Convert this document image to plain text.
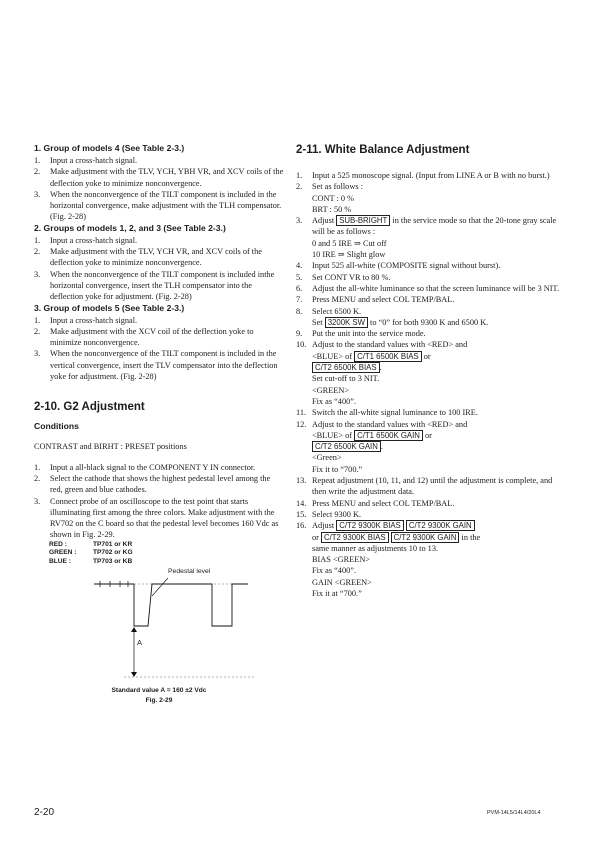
1. Group of models 4 (See Table 2-3.)
1. Input a cross-hatch signal.
2. Make adjustment with the TLV, YCH, YBH VR, and XCV coils of the deflection yoke to minimize nonconvergence.
3. When the nonconvergence of the TILT component is included in the horizontal convergence, make adjustment with the TLH compensator. (Fig. 2-28)
2. Groups of models 1, 2, and 3 (See Table 2-3.)
1. Input a cross-hatch signal.
2. Make adjustment with the TLV, YCH VR, and XCV coils of the deflection yoke to minimize nonconvergence.
3. When the nonconvergence of the TILT component is included inthe horizontal convergence, insert the TLH compensator into the deflection yoke for adjustment. (Fig. 2-28)
3. Group of models 5 (See Table 2-3.)
1. Input a cross-hatch signal.
2. Make adjustment with the XCV coil of the deflection yoke to minimize nonconvergence.
3. When the nonconvergence of the TILT component is included in the vertical convergence, insert the TLV compensator into the deflection yoke for adjustment. (Fig. 2-28)
2-10. G2 Adjustment
Conditions
CONTRAST and BIRHT : PRESET positions
1. Input a all-black signal to the COMPONENT Y IN connector.
2. Select the cathode that shows the highest pedestal level among the red, green and blue cathodes.
3. Connect probe of an oscilloscope to the test point that starts illuminating first among the three colors. Make adjustment with the RV702 on the C board so that the pedestal level becomes 160 Vdc as shown in Fig. 2-29.
RED :	TP701 or KR
GREEN :	TP702 or KG
BLUE :	TP703 or KB
Pedestal level
A
Standard value A = 160 ±2 Vdc
Fig. 2-29
2-11. White Balance Adjustment
1. Input a 525 monoscope signal. (Input from LINE A or B with no burst.)
2. Set as follows :
CONT : 0 %
BRT : 50 %
3. Adjust SUB-BRIGHT in the service mode so that the 20-tone gray scale will be as follows :
0 and 5 IRE ⇒ Cut off
10 IRE ⇒ Slight glow
4. Input 525 all-white (COMPOSITE signal without burst).
5. Set CONT VR to 80 %.
6. Adjust the all-white luminance so that the screen luminance will be 3 NIT.
7. Press MENU and select COL TEMP/BAL.
8. Select 6500 K.
Set 3200K SW to “0” for both 9300 K and 6500 K.
9. Put the unit into the service mode.
10. Adjust to the standard values with <RED> and
<BLUE> of C/T1 6500K BIAS or
C/T2 6500K BIAS .
Set cut-off to 3 NIT.
<GREEN>
Fix as “400”.
11. Switch the all-white signal luminance to 100 IRE.
12. Adjust to the standard values with <RED> and
<BLUE> of C/T1 6500K GAIN or
C/T2 6500K GAIN .
<Green>
Fix it to “700.”
13. Repeat adjustment (10, 11, and 12) until the adjustment is complete, and then write the adjustment data.
14. Press MENU and select COL TEMP/BAL.
15. Select 9300 K.
16. Adjust C/T2 9300K BIAS C/T2 9300K GAIN
or C/T2 9300K BIAS C/T2 9300K GAIN in the
same manner as adjustments 10 to 13.
BIAS <GREEN>
Fix as “400”.
GAIN <GREEN>
Fix it at “700.”
2-20	PVM-14L5/14L4/20L4
